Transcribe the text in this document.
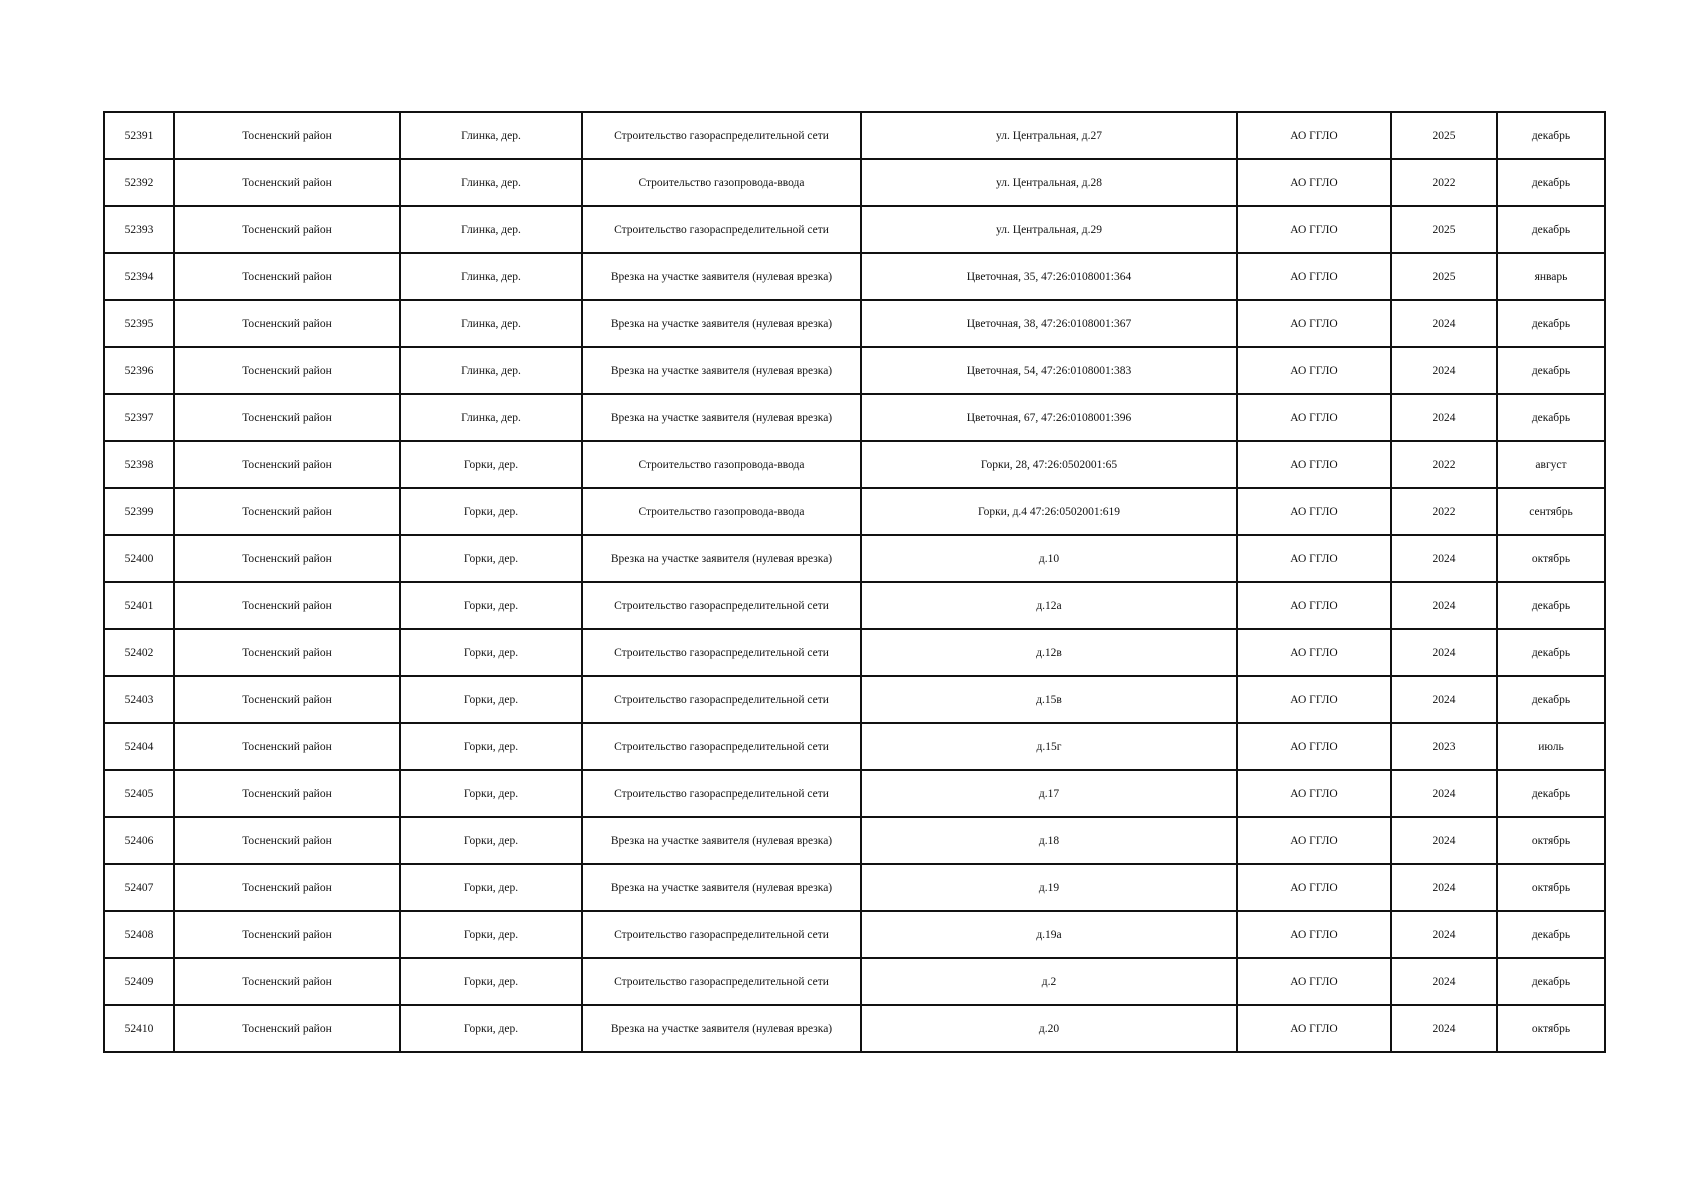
52391	Тосненский район	Глинка, дер.	Строительство газораспределительной сети	ул. Центральная, д.27	АО ГГЛО	2025	декабрь
52392	Тосненский район	Глинка, дер.	Строительство газопровода-ввода	ул. Центральная, д.28	АО ГГЛО	2022	декабрь
52393	Тосненский район	Глинка, дер.	Строительство газораспределительной сети	ул. Центральная, д.29	АО ГГЛО	2025	декабрь
52394	Тосненский район	Глинка, дер.	Врезка на участке заявителя (нулевая врезка)	Цветочная, 35, 47:26:0108001:364	АО ГГЛО	2025	январь
52395	Тосненский район	Глинка, дер.	Врезка на участке заявителя (нулевая врезка)	Цветочная, 38, 47:26:0108001:367	АО ГГЛО	2024	декабрь
52396	Тосненский район	Глинка, дер.	Врезка на участке заявителя (нулевая врезка)	Цветочная, 54, 47:26:0108001:383	АО ГГЛО	2024	декабрь
52397	Тосненский район	Глинка, дер.	Врезка на участке заявителя (нулевая врезка)	Цветочная, 67, 47:26:0108001:396	АО ГГЛО	2024	декабрь
52398	Тосненский район	Горки, дер.	Строительство газопровода-ввода	Горки, 28, 47:26:0502001:65	АО ГГЛО	2022	август
52399	Тосненский район	Горки, дер.	Строительство газопровода-ввода	Горки, д.4 47:26:0502001:619	АО ГГЛО	2022	сентябрь
52400	Тосненский район	Горки, дер.	Врезка на участке заявителя (нулевая врезка)	д.10	АО ГГЛО	2024	октябрь
52401	Тосненский район	Горки, дер.	Строительство газораспределительной сети	д.12а	АО ГГЛО	2024	декабрь
52402	Тосненский район	Горки, дер.	Строительство газораспределительной сети	д.12в	АО ГГЛО	2024	декабрь
52403	Тосненский район	Горки, дер.	Строительство газораспределительной сети	д.15в	АО ГГЛО	2024	декабрь
52404	Тосненский район	Горки, дер.	Строительство газораспределительной сети	д.15г	АО ГГЛО	2023	июль
52405	Тосненский район	Горки, дер.	Строительство газораспределительной сети	д.17	АО ГГЛО	2024	декабрь
52406	Тосненский район	Горки, дер.	Врезка на участке заявителя (нулевая врезка)	д.18	АО ГГЛО	2024	октябрь
52407	Тосненский район	Горки, дер.	Врезка на участке заявителя (нулевая врезка)	д.19	АО ГГЛО	2024	октябрь
52408	Тосненский район	Горки, дер.	Строительство газораспределительной сети	д.19а	АО ГГЛО	2024	декабрь
52409	Тосненский район	Горки, дер.	Строительство газораспределительной сети	д.2	АО ГГЛО	2024	декабрь
52410	Тосненский район	Горки, дер.	Врезка на участке заявителя (нулевая врезка)	д.20	АО ГГЛО	2024	октябрь
